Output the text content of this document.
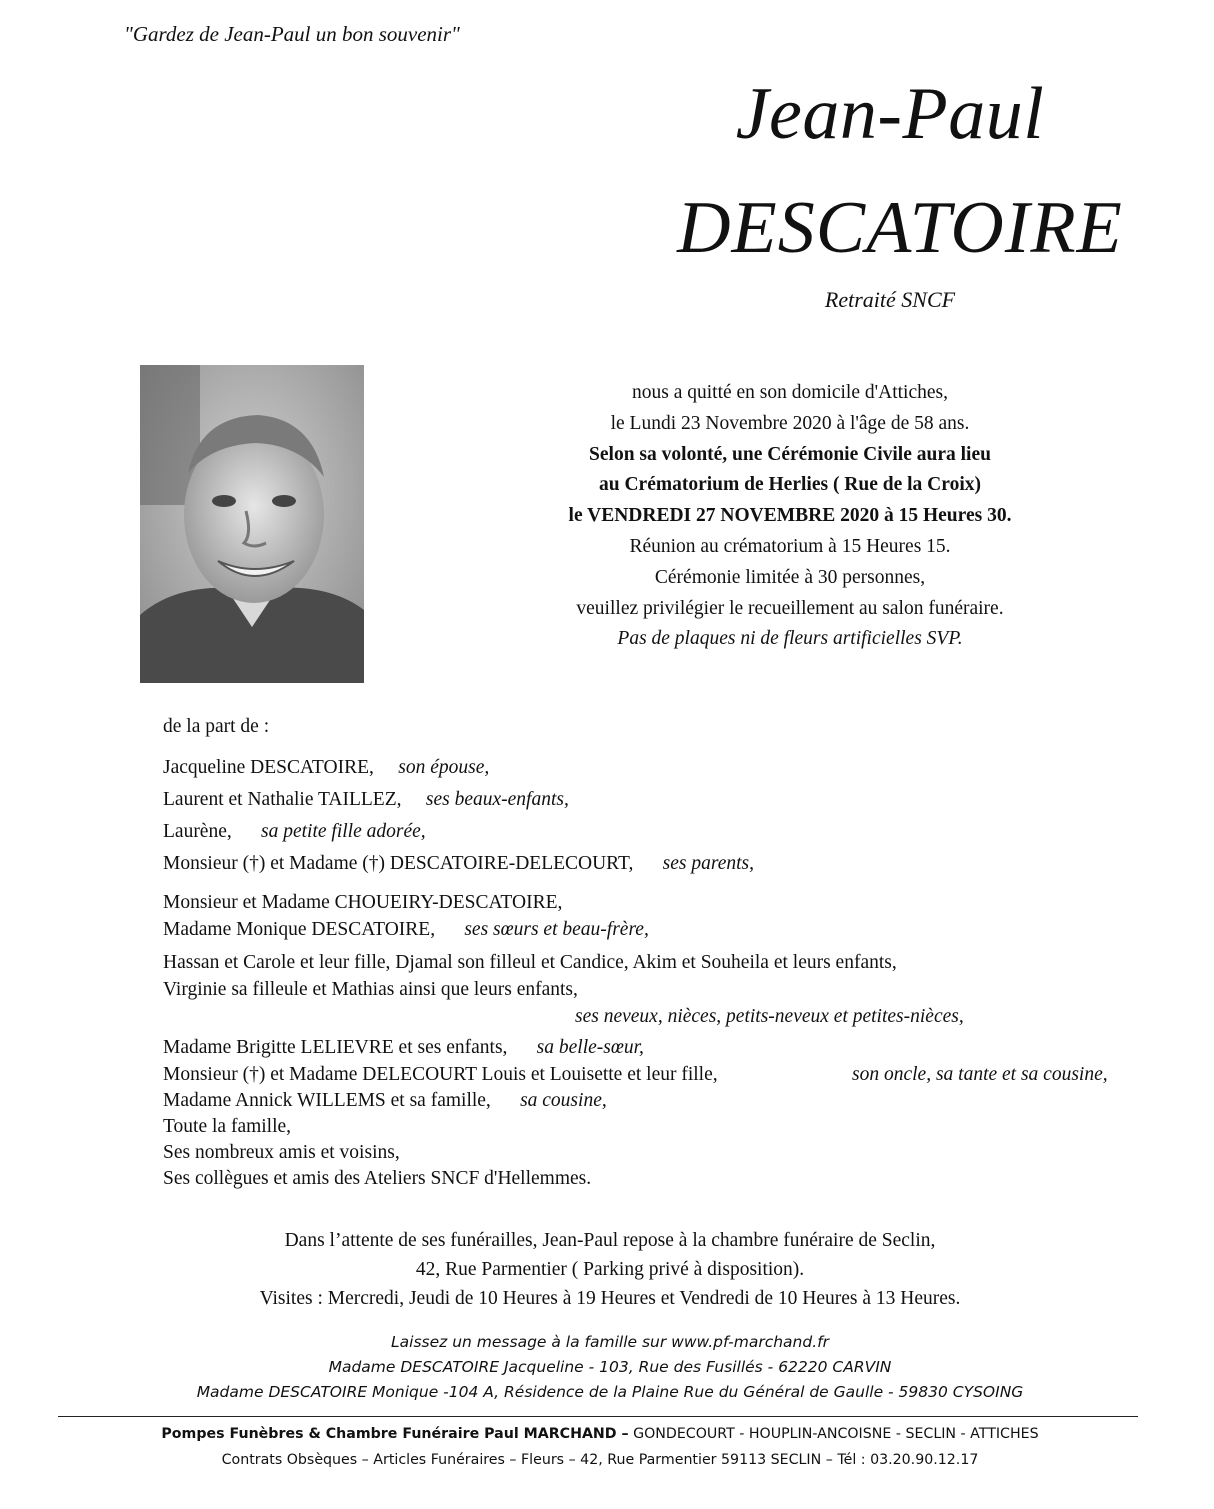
"Gardez de Jean-Paul un bon souvenir"
Jean-Paul
DESCATOIRE
Retraité SNCF
nous a quitté en son domicile d'Attiches,
le Lundi 23 Novembre 2020 à l'âge de 58 ans.
Selon sa volonté, une Cérémonie Civile aura lieu
au Crématorium de Herlies ( Rue de la Croix)
le VENDREDI 27 NOVEMBRE 2020 à 15 Heures 30.
Réunion au crématorium à 15 Heures 15.
Cérémonie limitée à 30 personnes,
veuillez privilégier le recueillement au salon funéraire.
Pas de plaques ni de fleurs artificielles SVP.
de la part de :
Jacqueline DESCATOIRE, son épouse,
Laurent et Nathalie TAILLEZ, ses beaux-enfants,
Laurène, sa petite fille adorée,
Monsieur (†) et Madame (†) DESCATOIRE-DELECOURT, ses parents,
Monsieur et Madame CHOUEIRY-DESCATOIRE,
Madame Monique DESCATOIRE, ses sœurs et beau-frère,
Hassan et Carole et leur fille, Djamal son filleul et Candice, Akim et Souheila et leurs enfants,
Virginie sa filleule et Mathias ainsi que leurs enfants,
ses neveux, nièces, petits-neveux et petites-nièces,
Madame Brigitte LELIEVRE et ses enfants, sa belle-sœur,
Monsieur (†) et Madame DELECOURT Louis et Louisette et leur fille,	son oncle, sa tante et sa cousine,
Madame Annick WILLEMS et sa famille, sa cousine,
Toute la famille,
Ses nombreux amis et voisins,
Ses collègues et amis des Ateliers SNCF d'Hellemmes.
Dans l’attente de ses funérailles, Jean-Paul repose à la chambre funéraire de Seclin,
42, Rue Parmentier ( Parking privé à disposition).
Visites : Mercredi, Jeudi de 10 Heures à 19 Heures et Vendredi de 10 Heures à 13 Heures.
Laissez un message à la famille sur www.pf-marchand.fr
Madame DESCATOIRE Jacqueline - 103, Rue des Fusillés - 62220 CARVIN
Madame DESCATOIRE Monique -104 A, Résidence de la Plaine Rue du Général de Gaulle - 59830 CYSOING
Pompes Funèbres & Chambre Funéraire Paul MARCHAND – GONDECOURT - HOUPLIN-ANCOISNE - SECLIN - ATTICHES
Contrats Obsèques – Articles Funéraires – Fleurs – 42, Rue Parmentier 59113 SECLIN – Tél : 03.20.90.12.17
